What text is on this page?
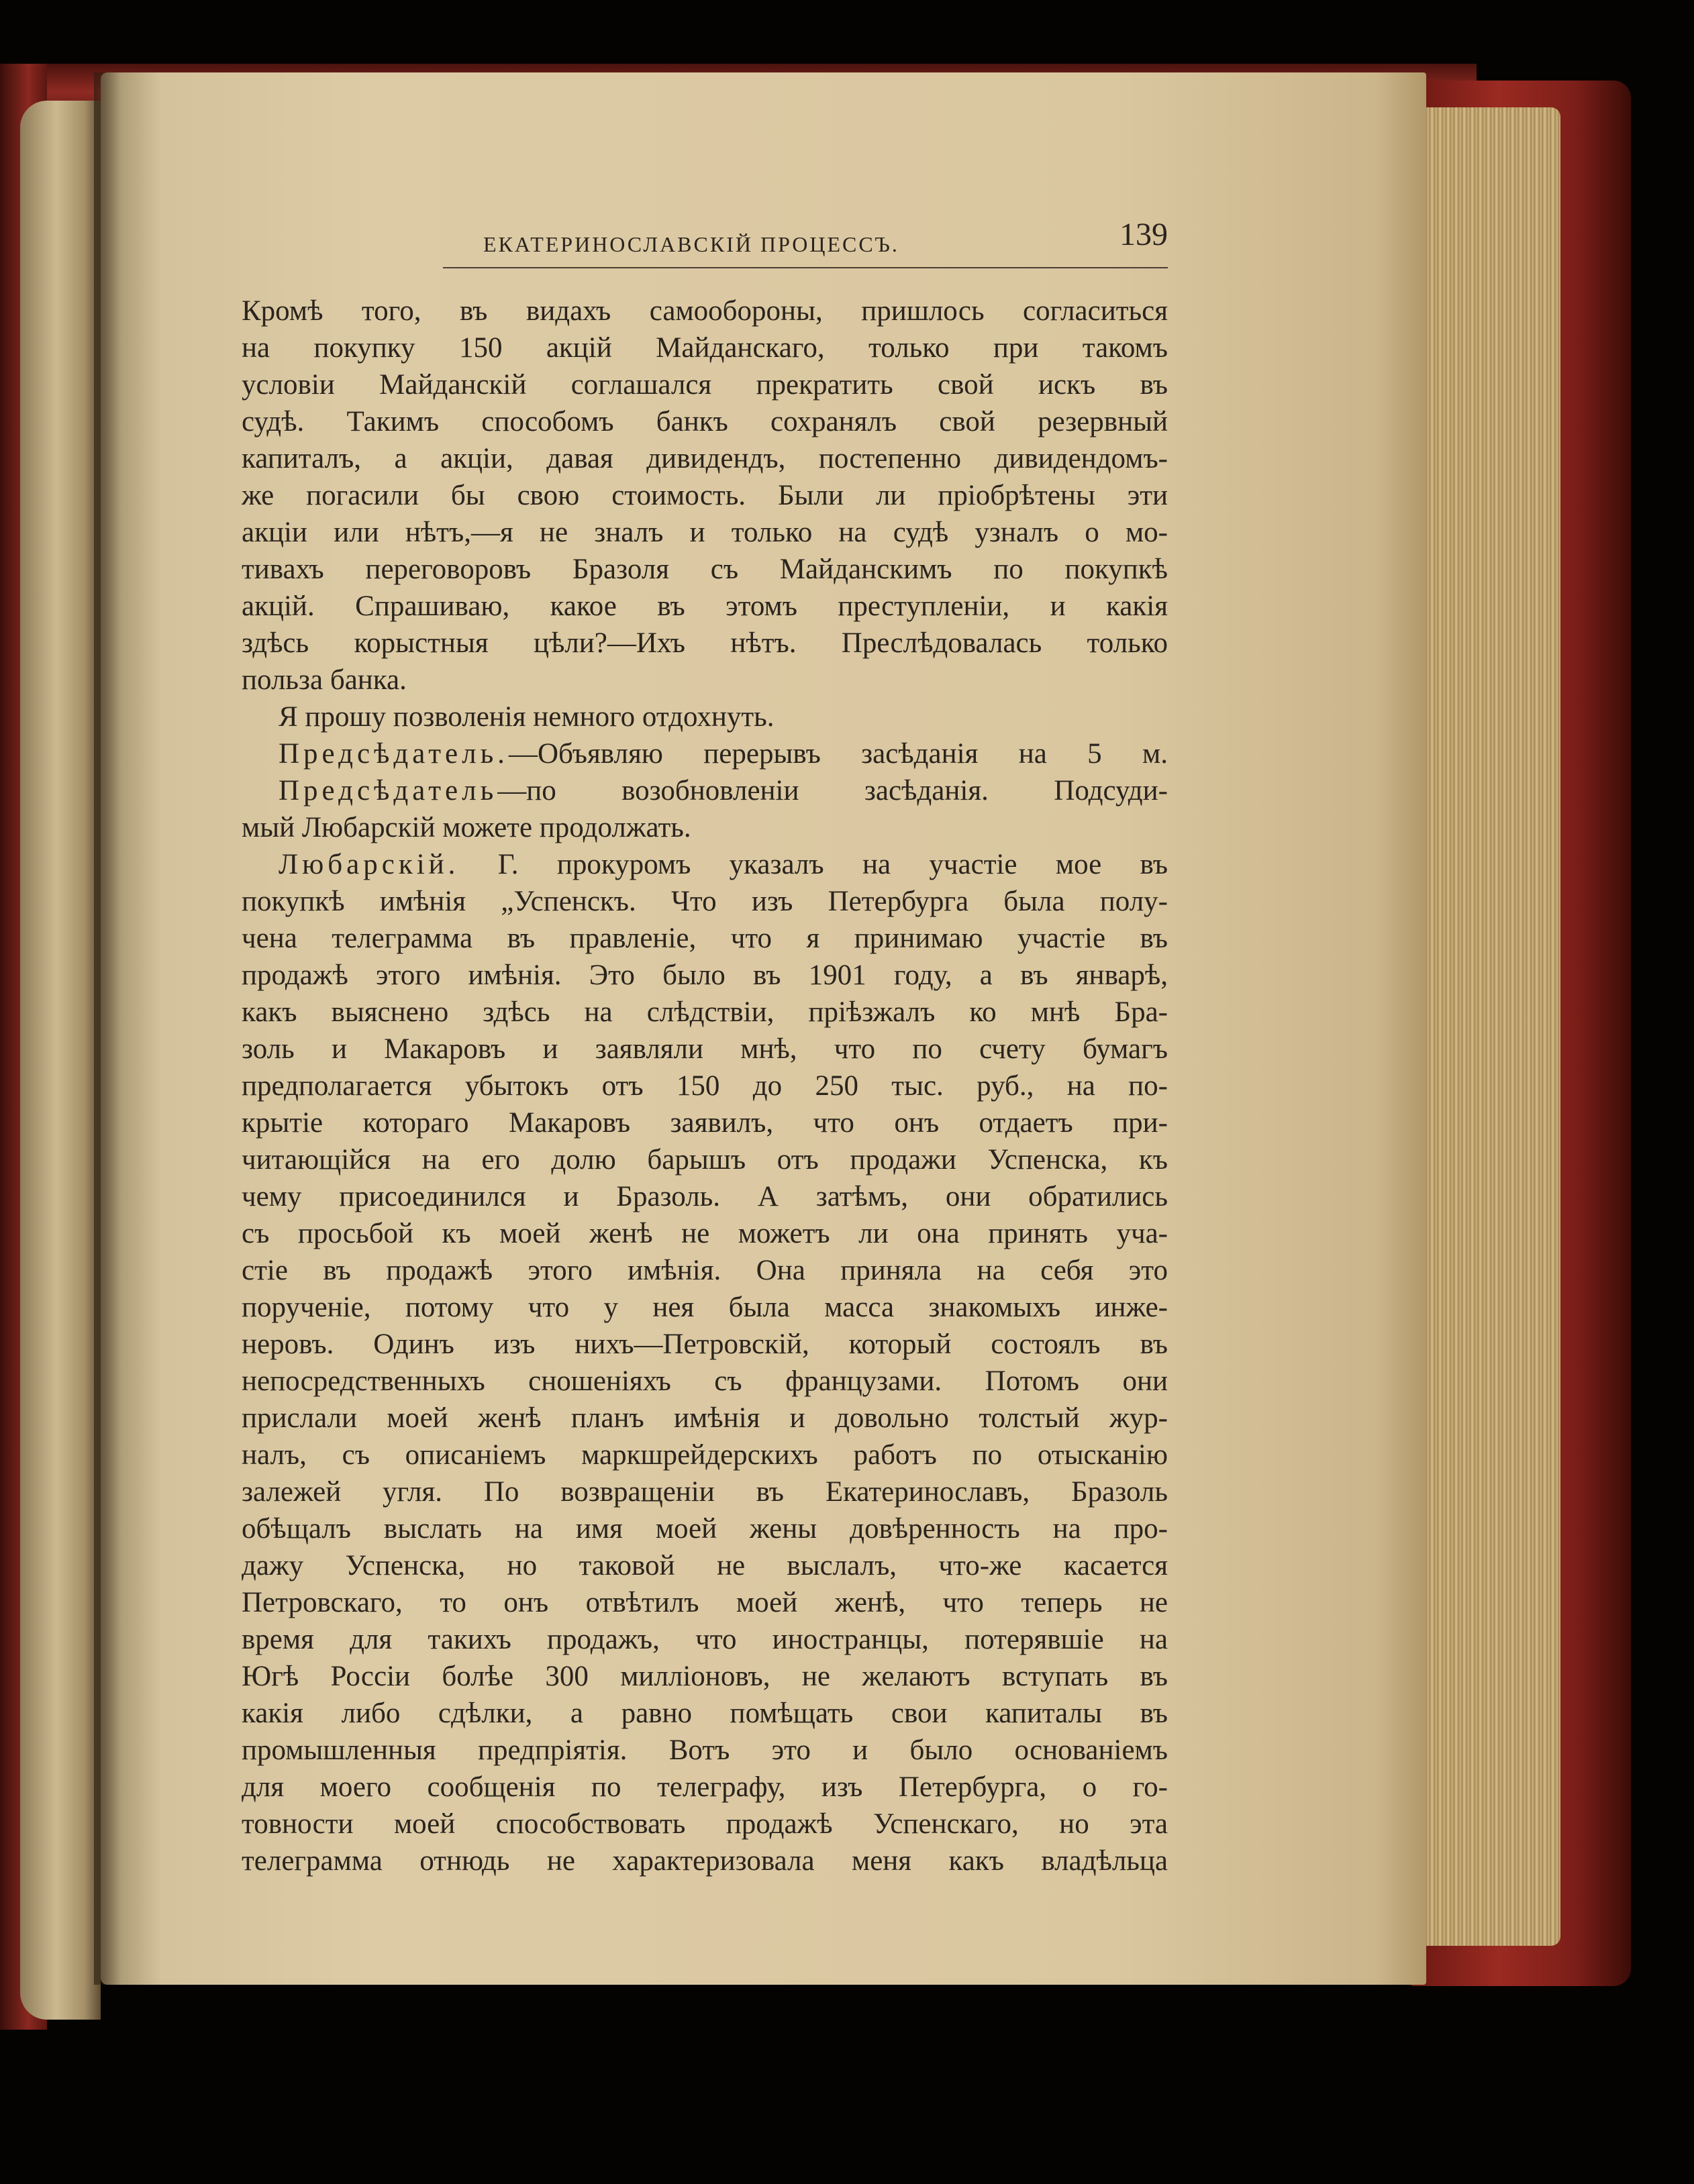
ЕКАТЕРИНОСЛАВСКІЙ ПРОЦЕССЪ.	139
Кромѣ того, въ видахъ самообороны, пришлось согласиться
на покупку 150 акцій Майданскаго, только при такомъ
условіи Майданскій соглашался прекратить свой искъ въ
судѣ. Такимъ способомъ банкъ сохранялъ свой резервный
капиталъ, а акціи, давая дивидендъ, постепенно дивидендомъ-
же погасили бы свою стоимость. Были ли пріобрѣтены эти
акціи или нѣтъ,—я не зналъ и только на судѣ узналъ о мо-
тивахъ переговоровъ Бразоля съ Майданскимъ по покупкѣ
акцій. Спрашиваю, какое въ этомъ преступленіи, и какія
здѣсь корыстныя цѣли?—Ихъ нѣтъ. Преслѣдовалась только
польза банка.
Я прошу позволенія немного отдохнуть.
Предсѣдатель.—Объявляю перерывъ засѣданія на 5 м.
Предсѣдатель—по возобновленіи засѣданія. Подсуди-
мый Любарскій можете продолжать.
Любарскій. Г. прокуромъ указалъ на участіе мое въ
покупкѣ имѣнія „Успенскъ. Что изъ Петербурга была полу-
чена телеграмма въ правленіе, что я принимаю участіе въ
продажѣ этого имѣнія. Это было въ 1901 году, а въ январѣ,
какъ выяснено здѣсь на слѣдствіи, пріѣзжалъ ко мнѣ Бра-
золь и Макаровъ и заявляли мнѣ, что по счету бумагъ
предполагается убытокъ отъ 150 до 250 тыс. руб., на по-
крытіе котораго Макаровъ заявилъ, что онъ отдаетъ при-
читающійся на его долю барышъ отъ продажи Успенска, къ
чему присоединился и Бразоль. А затѣмъ, они обратились
съ просьбой къ моей женѣ не можетъ ли она принять уча-
стіе въ продажѣ этого имѣнія. Она приняла на себя это
порученіе, потому что у нея была масса знакомыхъ инже-
неровъ. Одинъ изъ нихъ—Петровскій, который состоялъ въ
непосредственныхъ сношеніяхъ съ французами. Потомъ они
прислали моей женѣ планъ имѣнія и довольно толстый жур-
налъ, съ описаніемъ маркшрейдерскихъ работъ по отысканію
залежей угля. По возвращеніи въ Екатеринославъ, Бразоль
обѣщалъ выслать на имя моей жены довѣренность на про-
дажу Успенска, но таковой не выслалъ, что-же касается
Петровскаго, то онъ отвѣтилъ моей женѣ, что теперь не
время для такихъ продажъ, что иностранцы, потерявшіе на
Югѣ Россіи болѣе 300 милліоновъ, не желаютъ вступать въ
какія либо сдѣлки, а равно помѣщать свои капиталы въ
промышленныя предпріятія. Вотъ это и было основаніемъ
для моего сообщенія по телеграфу, изъ Петербурга, о го-
товности моей способствовать продажѣ Успенскаго, но эта
телеграмма отнюдь не характеризовала меня какъ владѣльца
